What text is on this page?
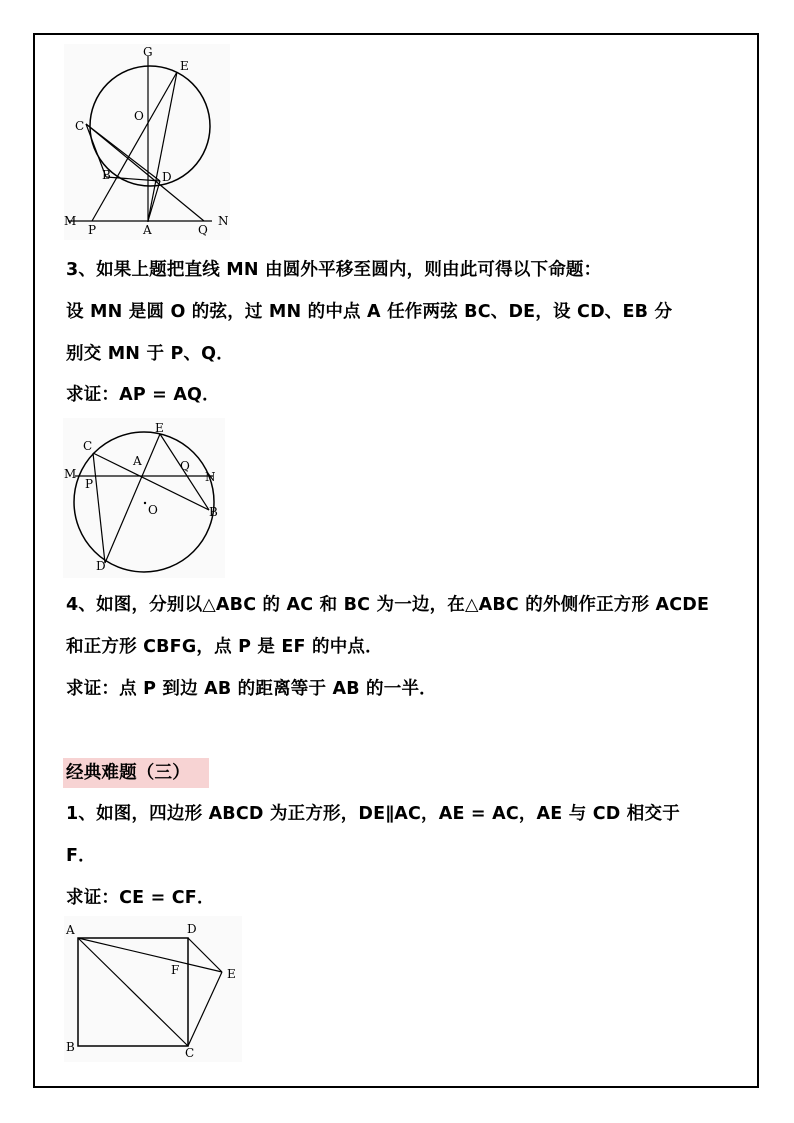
G
E
O
C
B	D
M
P	A	Q
N
3、如果上题把直线 MN 由圆外平移至圆内，则由此可得以下命题：
设 MN 是圆 O 的弦，过 MN 的中点 A 任作两弦 BC、DE，设 CD、EB 分
别交 MN 于 P、Q．
求证：AP = AQ．
C
E
M
A	Q
N
P
O	B
D
4、如图，分别以△ABC 的 AC 和 BC 为一边，在△ABC 的外侧作正方形 ACDE
和正方形 CBFG，点 P 是 EF 的中点．
求证：点 P 到边 AB 的距离等于 AB 的一半．
经典难题（三）
1、如图，四边形 ABCD 为正方形，DE∥AC，AE = AC，AE 与 CD 相交于
F．
求证：CE = CF．
A	D
F	E
B	C
